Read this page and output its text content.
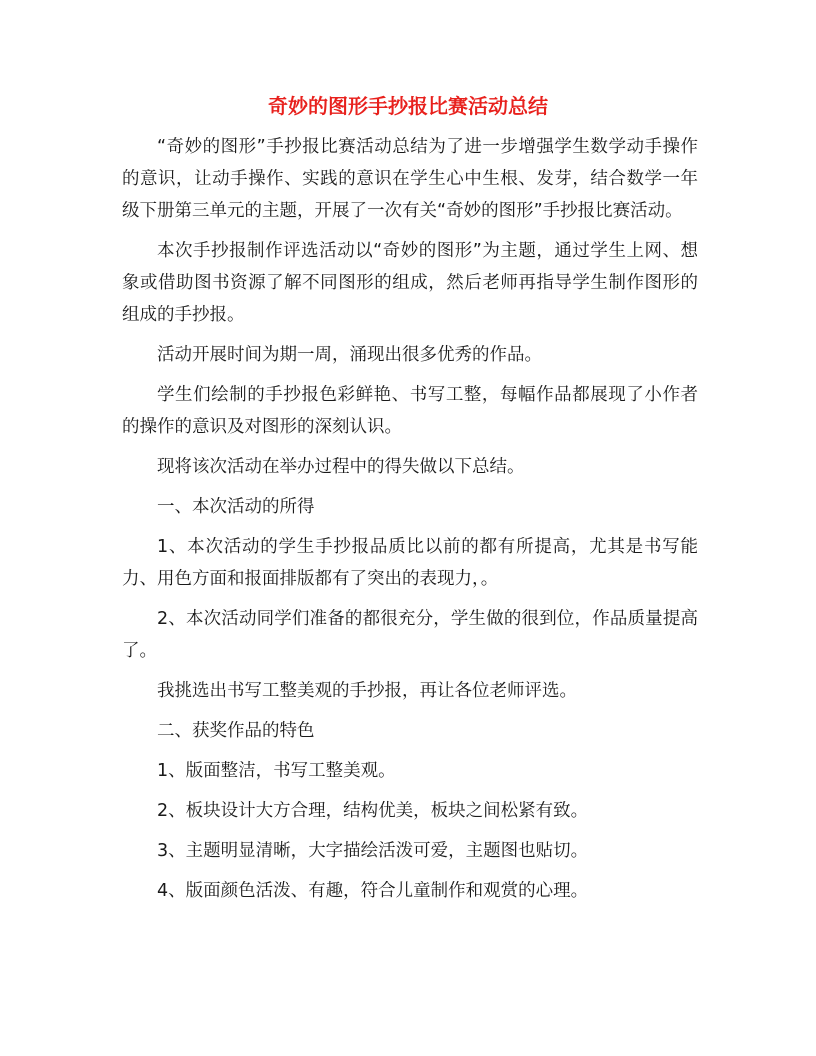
奇妙的图形手抄报比赛活动总结

“奇妙的图形”手抄报比赛活动总结为了进一步增强学生数学动手操作的意识，让动手操作、实践的意识在学生心中生根、发芽，结合数学一年级下册第三单元的主题，开展了一次有关“奇妙的图形”手抄报比赛活动。

本次手抄报制作评选活动以“奇妙的图形”为主题，通过学生上网、想象或借助图书资源了解不同图形的组成，然后老师再指导学生制作图形的组成的手抄报。

活动开展时间为期一周，涌现出很多优秀的作品。

学生们绘制的手抄报色彩鲜艳、书写工整，每幅作品都展现了小作者的操作的意识及对图形的深刻认识。

现将该次活动在举办过程中的得失做以下总结。

一、本次活动的所得

1、本次活动的学生手抄报品质比以前的都有所提高，尤其是书写能力、用色方面和报面排版都有了突出的表现力，。

2、本次活动同学们准备的都很充分，学生做的很到位，作品质量提高了。

我挑选出书写工整美观的手抄报，再让各位老师评选。

二、获奖作品的特色

1、版面整洁，书写工整美观。

2、板块设计大方合理，结构优美，板块之间松紧有致。

3、主题明显清晰，大字描绘活泼可爱，主题图也贴切。

4、版面颜色活泼、有趣，符合儿童制作和观赏的心理。
